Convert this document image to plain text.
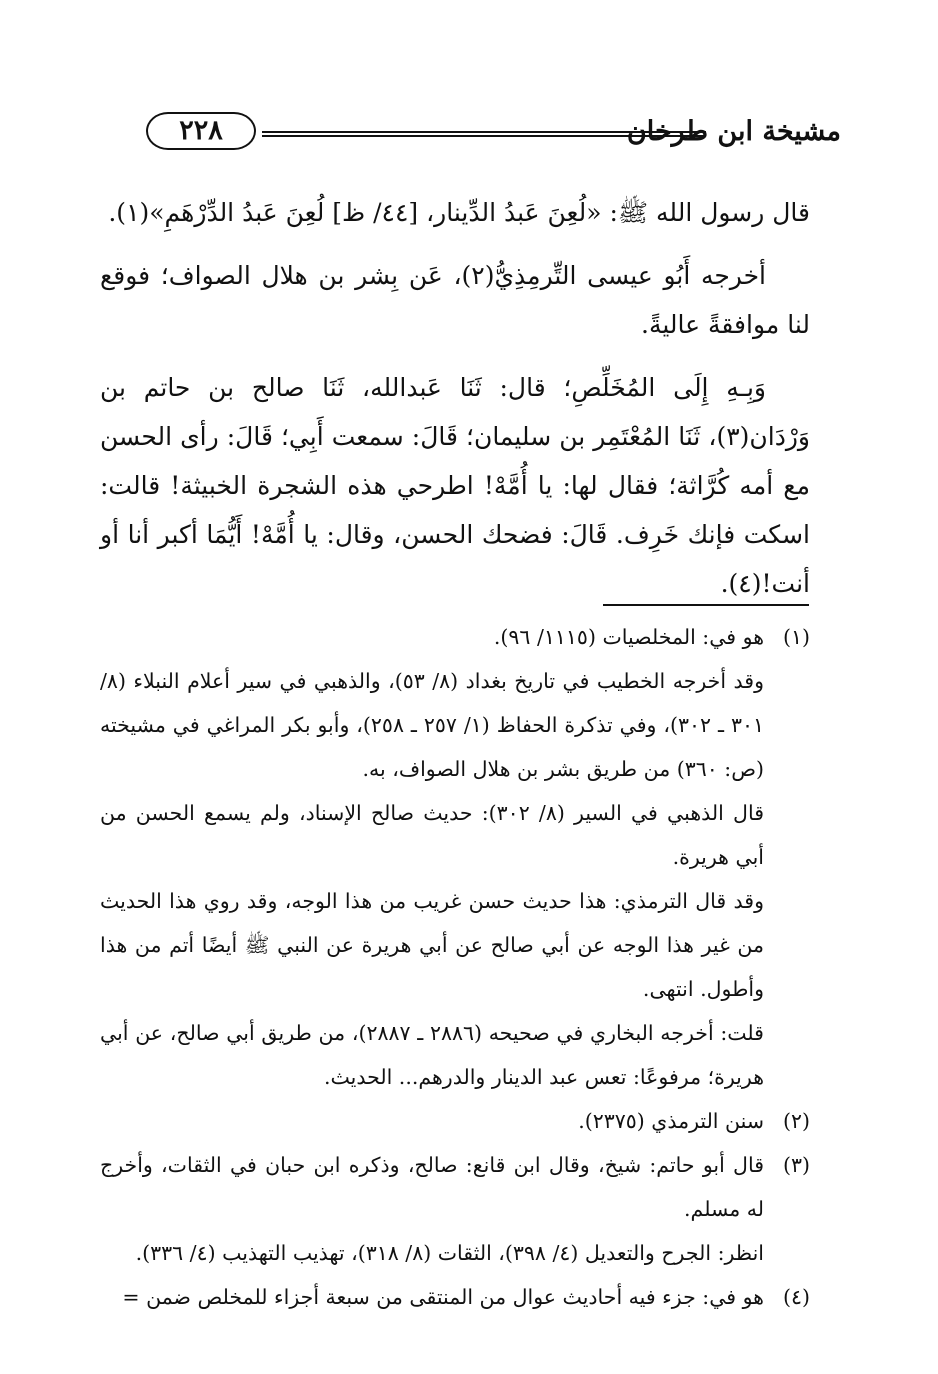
مشيخة ابن طرخان
٢٢٨

قال رسول الله ﷺ: «لُعِنَ عَبدُ الدِّينار، [٤٤/ ظ] لُعِنَ عَبدُ الدِّرْهَمِ»(١).

أخرجه أَبُو عيسى التِّرمِذِيُّ(٢)، عَن بِشر بن هلال الصواف؛ فوقع لنا موافقةً عاليةً.

وَبِـهِ إِلَى المُخَلِّصِ؛ قال: ثَنَا عَبدالله، ثَنَا صالح بن حاتم بن وَرْدَان(٣)، ثَنَا المُعْتَمِر بن سليمان؛ قَالَ: سمعت أَبِي؛ قَالَ: رأى الحسن مع أمه كُرَّاثة؛ فقال لها: يا أُمَّهْ! اطرحي هذه الشجرة الخبيثة! قالت: اسكت فإنك خَرِف. قَالَ: فضحك الحسن، وقال: يا أُمَّهْ! أَيُّمَا أكبر أنا أو أنت!(٤).

(١)

هو في: المخلصيات (١١١٥/ ٩٦).

وقد أخرجه الخطيب في تاريخ بغداد (٨/ ٥٣)، والذهبي في سير أعلام النبلاء (٨/ ٣٠١ ـ ٣٠٢)، وفي تذكرة الحفاظ (١/ ٢٥٧ ـ ٢٥٨)، وأبو بكر المراغي في مشيخته (ص: ٣٦٠) من طريق بشر بن هلال الصواف، به.

قال الذهبي في السير (٨/ ٣٠٢): حديث صالح الإسناد، ولم يسمع الحسن من أبي هريرة.

وقد قال الترمذي: هذا حديث حسن غريب من هذا الوجه، وقد روي هذا الحديث من غير هذا الوجه عن أبي صالح عن أبي هريرة عن النبي ﷺ أيضًا أتم من هذا وأطول. انتهى.

قلت: أخرجه البخاري في صحيحه (٢٨٨٦ ـ ٢٨٨٧)، من طريق أبي صالح، عن أبي هريرة؛ مرفوعًا: تعس عبد الدينار والدرهم... الحديث.

(٢)

سنن الترمذي (٢٣٧٥).

(٣)

قال أبو حاتم: شيخ، وقال ابن قانع: صالح، وذكره ابن حبان في الثقات، وأخرج له مسلم.

انظر: الجرح والتعديل (٤/ ٣٩٨)، الثقات (٨/ ٣١٨)، تهذيب التهذيب (٤/ ٣٣٦).

(٤)

هو في: جزء فيه أحاديث عوال من المنتقى من سبعة أجزاء للمخلص ضمن =
